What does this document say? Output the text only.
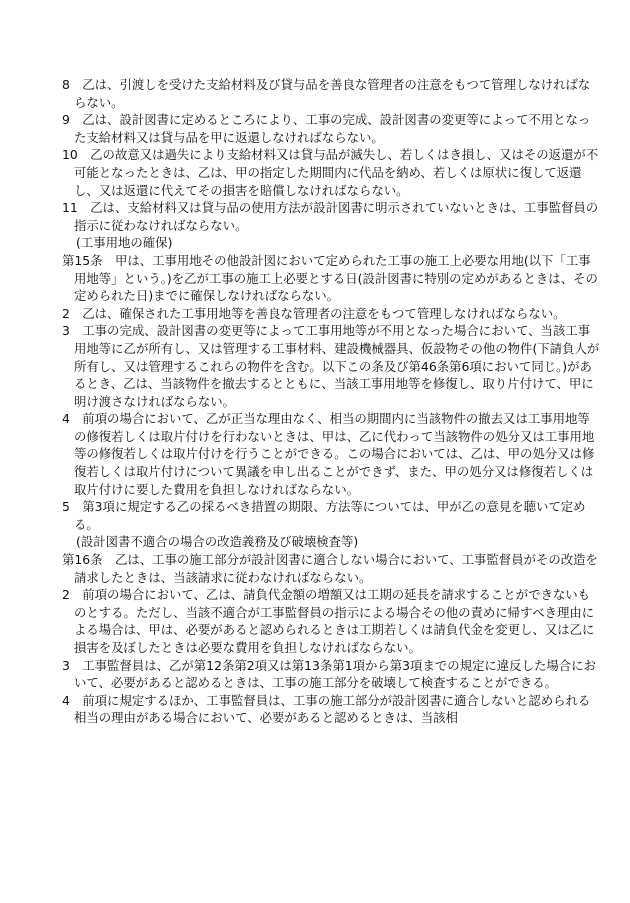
8　乙は、引渡しを受けた支給材料及び貸与品を善良な管理者の注意をもつて管理しなければならない。

9　乙は、設計図書に定めるところにより、工事の完成、設計図書の変更等によって不用となった支給材料又は貸与品を甲に返還しなければならない。

10　乙の故意又は過失により支給材料又は貸与品が滅失し、若しくはき損し、又はその返還が不可能となったときは、乙は、甲の指定した期間内に代品を納め、若しくは原状に復して返還し、又は返還に代えてその損害を賠償しなければならない。

11　乙は、支給材料又は貸与品の使用方法が設計図書に明示されていないときは、工事監督員の指示に従わなければならない。

(工事用地の確保)

第15条　甲は、工事用地その他設計図において定められた工事の施工上必要な用地(以下「工事用地等」という。)を乙が工事の施工上必要とする日(設計図書に特別の定めがあるときは、その定められた日)までに確保しなければならない。

2　乙は、確保された工事用地等を善良な管理者の注意をもつて管理しなければならない。

3　工事の完成、設計図書の変更等によって工事用地等が不用となった場合において、当該工事用地等に乙が所有し、又は管理する工事材料、建設機械器具、仮設物その他の物件(下請負人が所有し、又は管理するこれらの物件を含む。以下この条及び第46条第6項において同じ。)があるとき、乙は、当該物件を撤去するとともに、当該工事用地等を修復し、取り片付けて、甲に明け渡さなければならない。

4　前項の場合において、乙が正当な理由なく、相当の期間内に当該物件の撤去又は工事用地等の修復若しくは取片付けを行わないときは、甲は、乙に代わって当該物件の処分又は工事用地等の修復若しくは取片付けを行うことができる。この場合においては、乙は、甲の処分又は修復若しくは取片付けについて異議を申し出ることができず、また、甲の処分又は修復若しくは取片付けに要した費用を負担しなければならない。

5　第3項に規定する乙の採るべき措置の期限、方法等については、甲が乙の意見を聴いて定める。

(設計図書不適合の場合の改造義務及び破壊検査等)

第16条　乙は、工事の施工部分が設計図書に適合しない場合において、工事監督員がその改造を請求したときは、当該請求に従わなければならない。

2　前項の場合において、乙は、請負代金額の増額又は工期の延長を請求することができないものとする。ただし、当該不適合が工事監督員の指示による場合その他の責めに帰すべき理由による場合は、甲は、必要があると認められるときは工期若しくは請負代金を変更し、又は乙に損害を及ぼしたときは必要な費用を負担しなければならない。

3　工事監督員は、乙が第12条第2項又は第13条第1項から第3項までの規定に違反した場合において、必要があると認めるときは、工事の施工部分を破壊して検査することができる。

4　前項に規定するほか、工事監督員は、工事の施工部分が設計図書に適合しないと認められる相当の理由がある場合において、必要があると認めるときは、当該相
